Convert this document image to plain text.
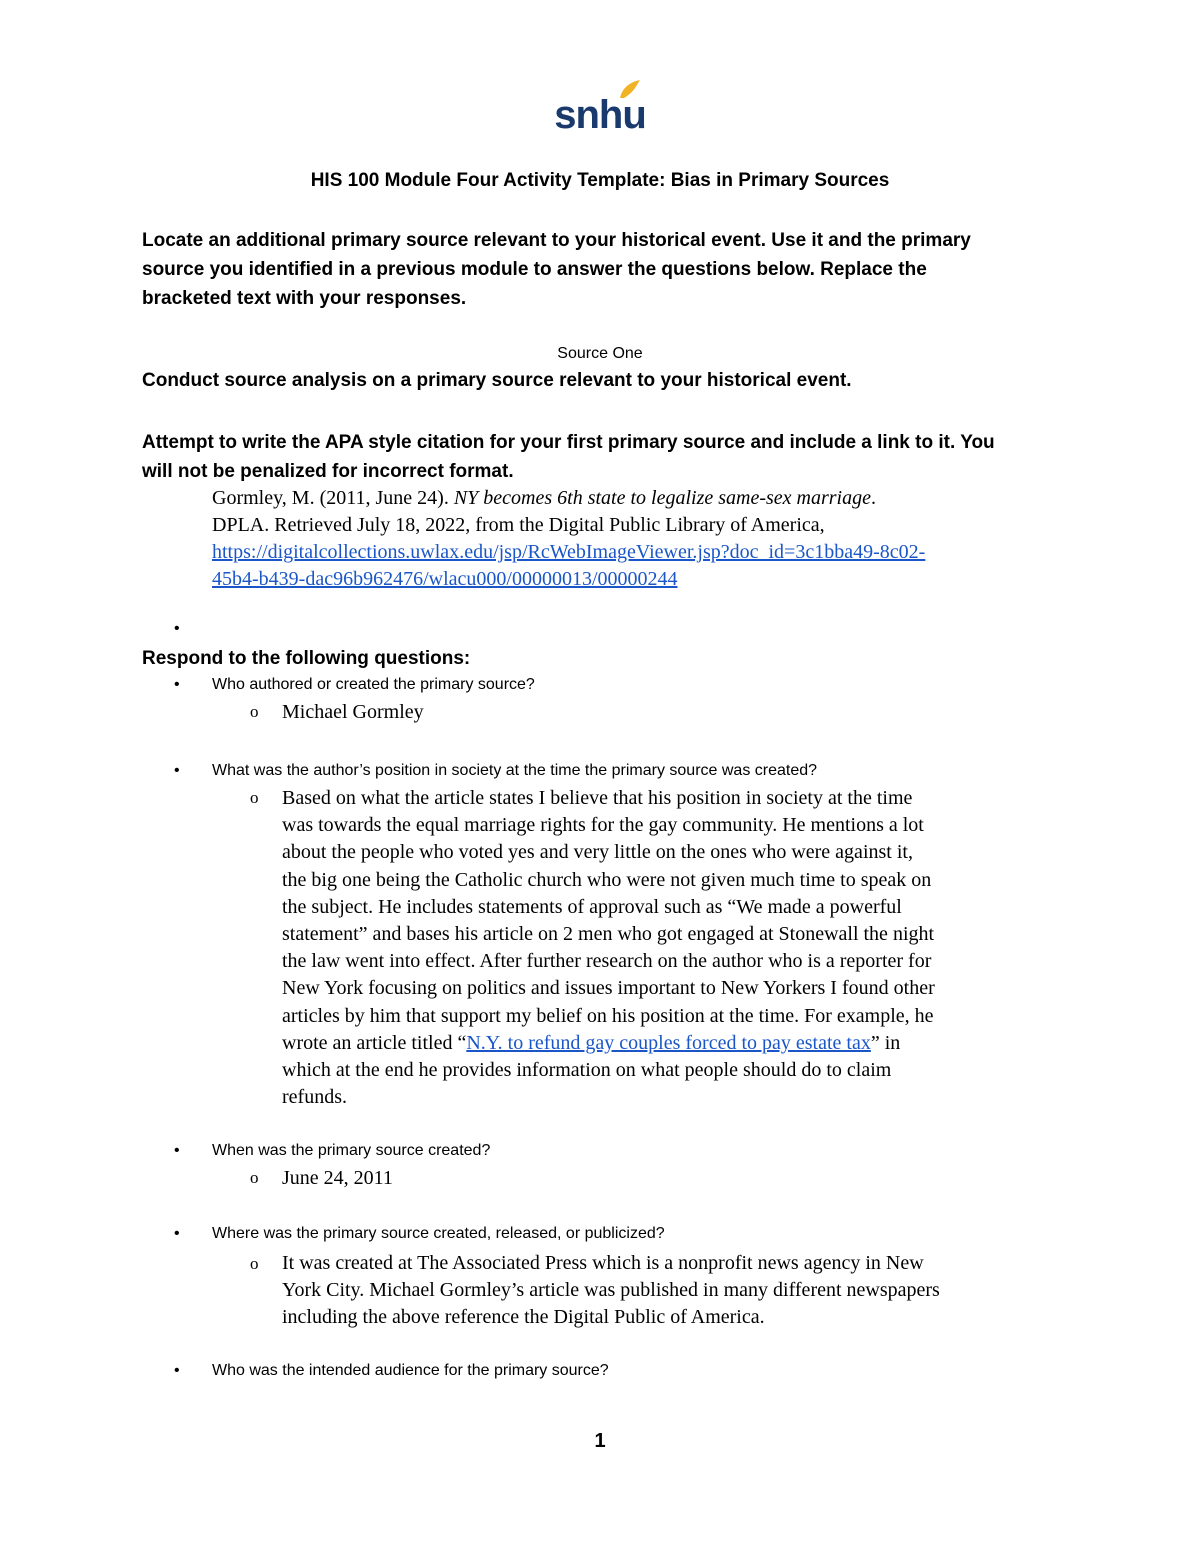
snhu
HIS 100 Module Four Activity Template: Bias in Primary Sources
Locate an additional primary source relevant to your historical event. Use it and the primary
source you identified in a previous module to answer the questions below. Replace the
bracketed text with your responses.
Source One
Conduct source analysis on a primary source relevant to your historical event.
Attempt to write the APA style citation for your first primary source and include a link to it. You
will not be penalized for incorrect format.
Gormley, M. (2011, June 24). NY becomes 6th state to legalize same-sex marriage.
DPLA. Retrieved July 18, 2022, from the Digital Public Library of America,
https://digitalcollections.uwlax.edu/jsp/RcWebImageViewer.jsp?doc_id=3c1bba49-8c02-
45b4-b439-dac96b962476/wlacu000/00000013/00000244
•
Respond to the following questions:
• Who authored or created the primary source?
o Michael Gormley
• What was the author’s position in society at the time the primary source was created?
o Based on what the article states I believe that his position in society at the time
was towards the equal marriage rights for the gay community. He mentions a lot
about the people who voted yes and very little on the ones who were against it,
the big one being the Catholic church who were not given much time to speak on
the subject. He includes statements of approval such as “We made a powerful
statement” and bases his article on 2 men who got engaged at Stonewall the night
the law went into effect. After further research on the author who is a reporter for
New York focusing on politics and issues important to New Yorkers I found other
articles by him that support my belief on his position at the time. For example, he
wrote an article titled “N.Y. to refund gay couples forced to pay estate tax” in
which at the end he provides information on what people should do to claim
refunds.
• When was the primary source created?
o June 24, 2011
• Where was the primary source created, released, or publicized?
o It was created at The Associated Press which is a nonprofit news agency in New
York City. Michael Gormley’s article was published in many different newspapers
including the above reference the Digital Public of America.
• Who was the intended audience for the primary source?
1
